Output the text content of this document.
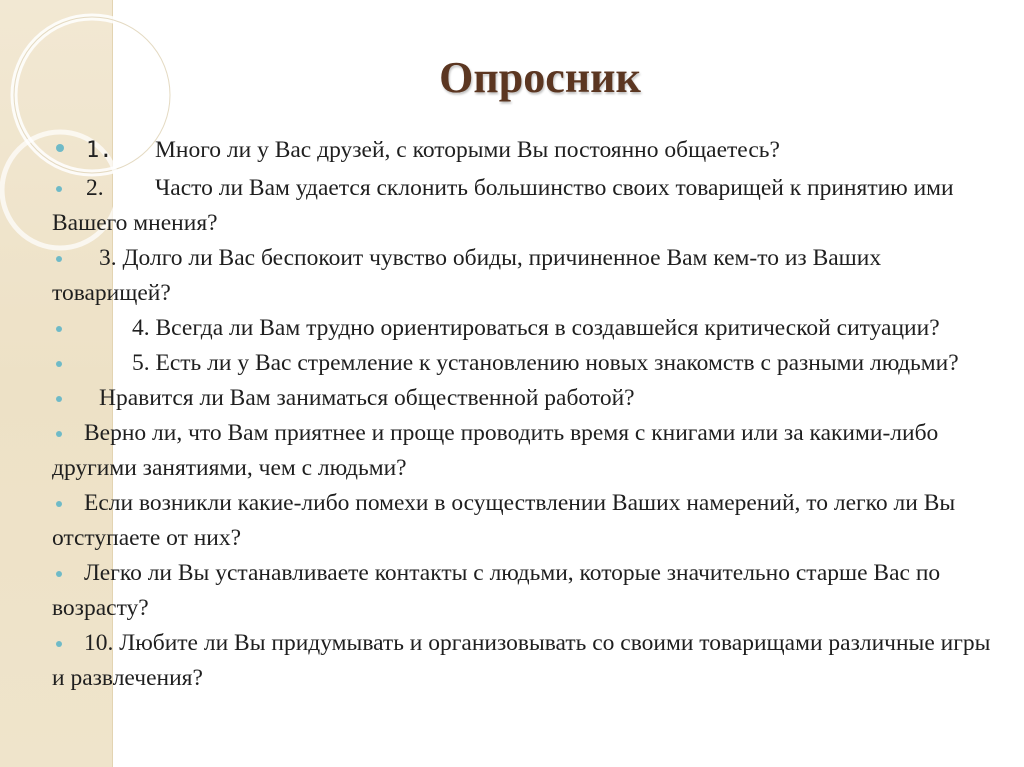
Опросник
1. Много ли у Вас друзей, с которыми Вы постоянно общаетесь?
2. Часто ли Вам удается склонить большинство своих товарищей к принятию ими Вашего мнения?
3. Долго ли Вас беспокоит чувство обиды, причиненное Вам кем-то из Ваших товарищей?
4. Всегда ли Вам трудно ориентироваться в создавшейся критической ситуации?
5. Есть ли у Вас стремление к установлению новых знакомств с разными людьми?
Нравится ли Вам заниматься общественной работой?
Верно ли, что Вам приятнее и проще проводить время с книгами или за какими-либо другими занятиями, чем с людьми?
Если возникли какие-либо помехи в осуществлении Ваших намерений, то легко ли Вы отступаете от них?
Легко ли Вы устанавливаете контакты с людьми, которые значительно старше Вас по возрасту?
10. Любите ли Вы придумывать и организовывать со своими товарищами различные игры и развлечения?
